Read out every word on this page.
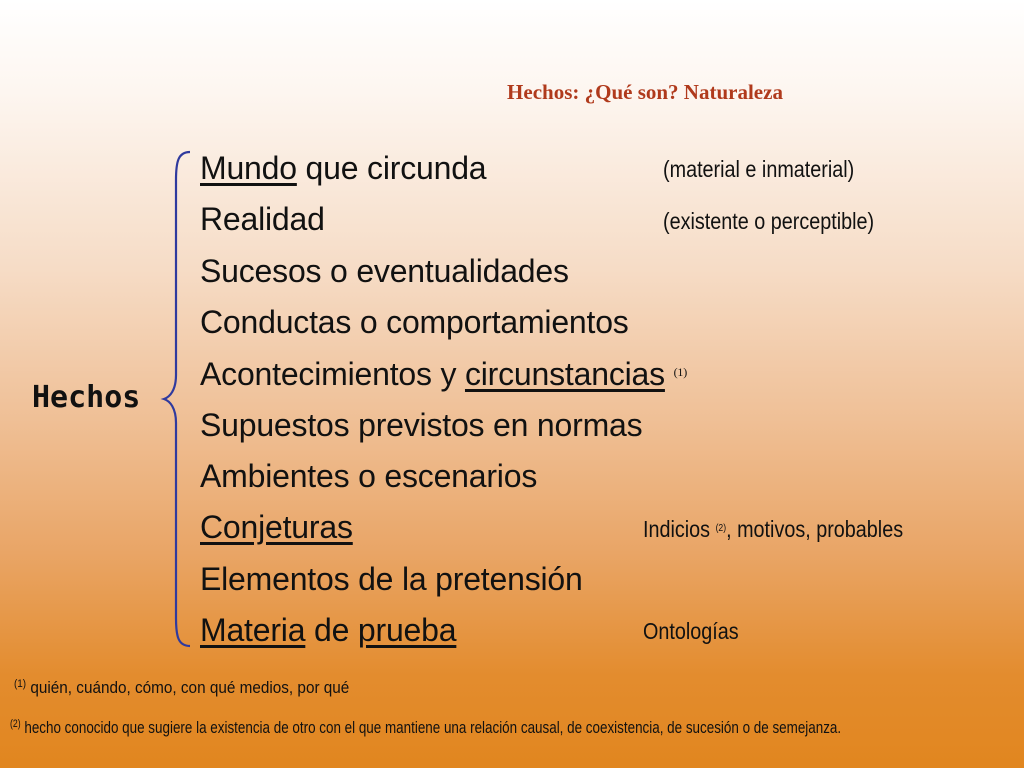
Hechos: ¿Qué son? Naturaleza
Hechos
Mundo que circunda
Realidad
Sucesos o eventualidades
Conductas o comportamientos
Acontecimientos y circunstancias (1)
Supuestos previstos en normas
Ambientes o escenarios
Conjeturas
Elementos de la pretensión
Materia de prueba
(material e inmaterial)
(existente o perceptible)
Indicios $^{(2)}$, motivos, probables
Ontologías
$^{(1)}$ quién, cuándo, cómo, con qué medios, por qué
$^{(2)}$ hecho conocido que sugiere la existencia de otro con el que mantiene una relación causal, de coexistencia, de sucesión o de semejanza.
